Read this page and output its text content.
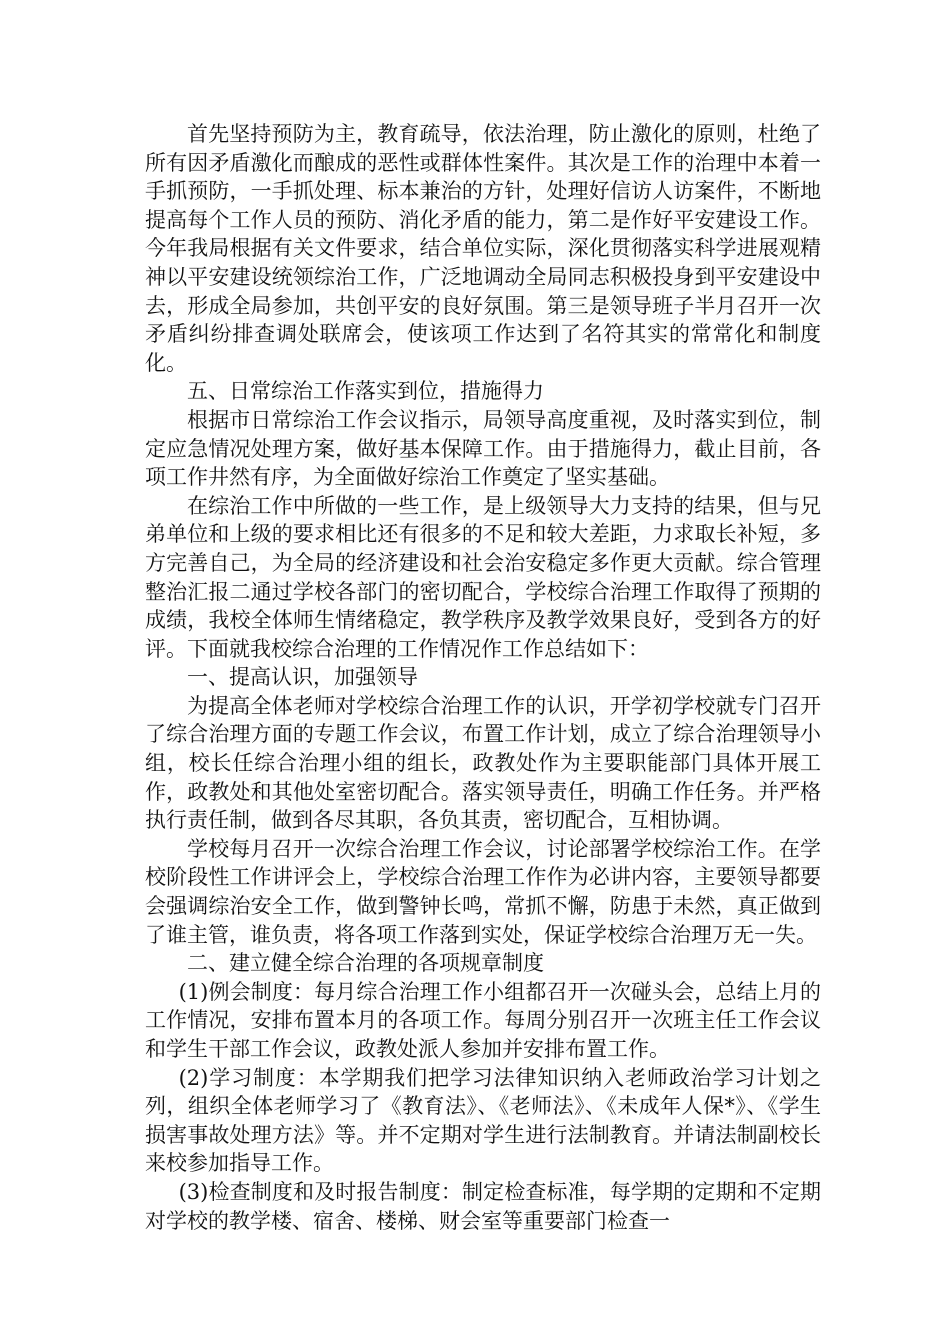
首先坚持预防为主，教育疏导，依法治理，防止激化的原则，杜绝了所有因矛盾激化而酿成的恶性或群体性案件。其次是工作的治理中本着一手抓预防，一手抓处理、标本兼治的方针，处理好信访人访案件，不断地提高每个工作人员的预防、消化矛盾的能力，第二是作好平安建设工作。今年我局根据有关文件要求，结合单位实际，深化贯彻落实科学进展观精神以平安建设统领综治工作，广泛地调动全局同志积极投身到平安建设中去，形成全局参加，共创平安的良好氛围。第三是领导班子半月召开一次矛盾纠纷排查调处联席会，使该项工作达到了名符其实的常常化和制度化。

五、日常综治工作落实到位，措施得力

根据市日常综治工作会议指示，局领导高度重视，及时落实到位，制定应急情况处理方案，做好基本保障工作。由于措施得力，截止目前，各项工作井然有序，为全面做好综治工作奠定了坚实基础。

在综治工作中所做的一些工作，是上级领导大力支持的结果，但与兄弟单位和上级的要求相比还有很多的不足和较大差距，力求取长补短，多方完善自己，为全局的经济建设和社会治安稳定多作更大贡献。综合管理整治汇报二通过学校各部门的密切配合，学校综合治理工作取得了预期的成绩，我校全体师生情绪稳定，教学秩序及教学效果良好，受到各方的好评。下面就我校综合治理的工作情况作工作总结如下：

一、提高认识，加强领导

为提高全体老师对学校综合治理工作的认识，开学初学校就专门召开了综合治理方面的专题工作会议，布置工作计划，成立了综合治理领导小组，校长任综合治理小组的组长，政教处作为主要职能部门具体开展工作，政教处和其他处室密切配合。落实领导责任，明确工作任务。并严格执行责任制，做到各尽其职，各负其责，密切配合，互相协调。

学校每月召开一次综合治理工作会议，讨论部署学校综治工作。在学校阶段性工作讲评会上，学校综合治理工作作为必讲内容，主要领导都要会强调综治安全工作，做到警钟长鸣，常抓不懈，防患于未然，真正做到了谁主管，谁负责，将各项工作落到实处，保证学校综合治理万无一失。

二、建立健全综合治理的各项规章制度

(1)例会制度：每月综合治理工作小组都召开一次碰头会，总结上月的工作情况，安排布置本月的各项工作。每周分别召开一次班主任工作会议和学生干部工作会议，政教处派人参加并安排布置工作。

(2)学习制度：本学期我们把学习法律知识纳入老师政治学习计划之列，组织全体老师学习了《教育法》、《老师法》、《未成年人保*》、《学生损害事故处理方法》等。并不定期对学生进行法制教育。并请法制副校长来校参加指导工作。

(3)检查制度和及时报告制度：制定检查标准，每学期的定期和不定期对学校的教学楼、宿舍、楼梯、财会室等重要部门检查一
